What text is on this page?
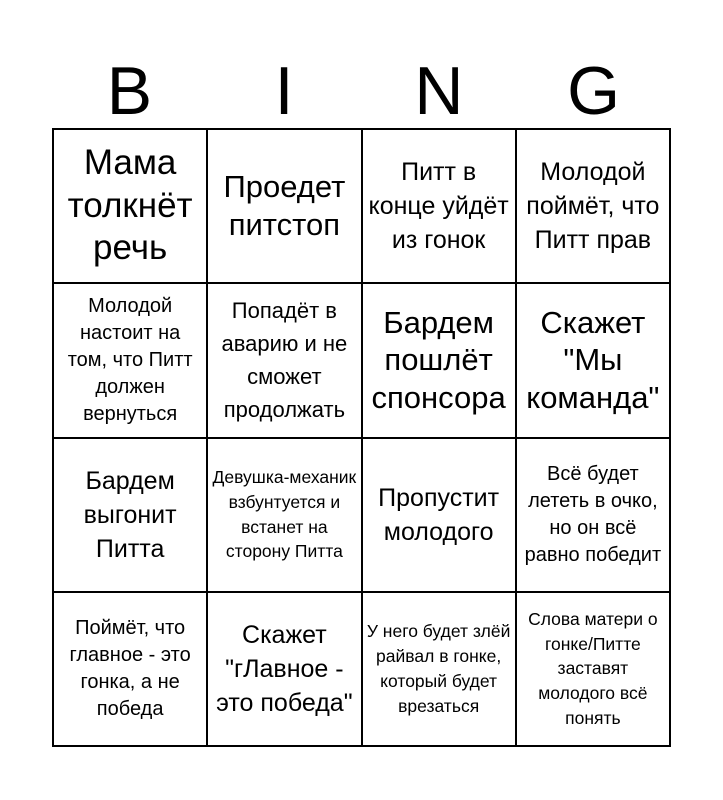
B	I	N	G
Мама толкнёт речь
Проедет питстоп
Питт в конце уйдёт из гонок
Молодой поймёт, что Питт прав
Молодой настоит на том, что Питт должен вернуться
Попадёт в аварию и не сможет продолжать
Бардем пошлёт спонсора
Скажет "Мы команда"
Бардем выгонит Питта
Девушка-механик взбунтуется и встанет на сторону Питта
Пропустит молодого
Всё будет лететь в очко, но он всё равно победит
Поймёт, что главное - это гонка, а не победа
Скажет "гЛавное - это победа"
У него будет злёй райвал в гонке, который будет врезаться
Слова матери о гонке/Питте заставят молодого всё понять
